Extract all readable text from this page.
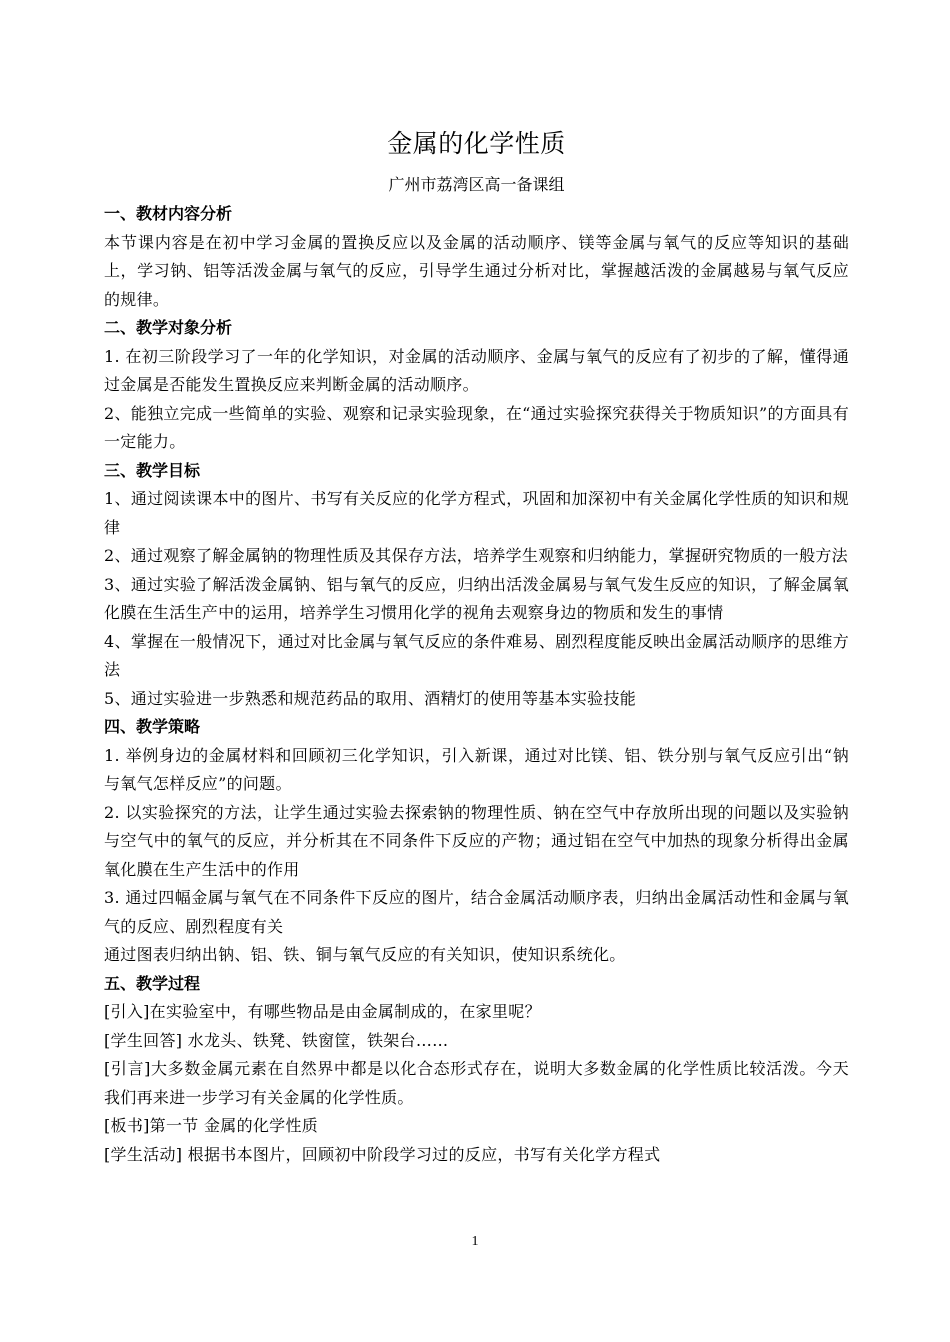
金属的化学性质

广州市荔湾区高一备课组

一、教材内容分析

本节课内容是在初中学习金属的置换反应以及金属的活动顺序、镁等金属与氧气的反应等知识的基础上，学习钠、铝等活泼金属与氧气的反应，引导学生通过分析对比，掌握越活泼的金属越易与氧气反应的规律。

二、教学对象分析

1. 在初三阶段学习了一年的化学知识，对金属的活动顺序、金属与氧气的反应有了初步的了解，懂得通过金属是否能发生置换反应来判断金属的活动顺序。

2、能独立完成一些简单的实验、观察和记录实验现象，在“通过实验探究获得关于物质知识”的方面具有一定能力。

三、教学目标

1、通过阅读课本中的图片、书写有关反应的化学方程式，巩固和加深初中有关金属化学性质的知识和规律

2、通过观察了解金属钠的物理性质及其保存方法，培养学生观察和归纳能力，掌握研究物质的一般方法

3、通过实验了解活泼金属钠、铝与氧气的反应，归纳出活泼金属易与氧气发生反应的知识，了解金属氧化膜在生活生产中的运用，培养学生习惯用化学的视角去观察身边的物质和发生的事情

4、掌握在一般情况下，通过对比金属与氧气反应的条件难易、剧烈程度能反映出金属活动顺序的思维方法

5、通过实验进一步熟悉和规范药品的取用、酒精灯的使用等基本实验技能

四、教学策略

1. 举例身边的金属材料和回顾初三化学知识，引入新课，通过对比镁、铝、铁分别与氧气反应引出“钠与氧气怎样反应”的问题。

2. 以实验探究的方法，让学生通过实验去探索钠的物理性质、钠在空气中存放所出现的问题以及实验钠与空气中的氧气的反应，并分析其在不同条件下反应的产物；通过铝在空气中加热的现象分析得出金属氧化膜在生产生活中的作用

3. 通过四幅金属与氧气在不同条件下反应的图片，结合金属活动顺序表，归纳出金属活动性和金属与氧气的反应、剧烈程度有关

通过图表归纳出钠、铝、铁、铜与氧气反应的有关知识，使知识系统化。

五、教学过程

[引入]在实验室中，有哪些物品是由金属制成的，在家里呢？

[学生回答] 水龙头、铁凳、铁窗筐，铁架台……

[引言]大多数金属元素在自然界中都是以化合态形式存在，说明大多数金属的化学性质比较活泼。今天我们再来进一步学习有关金属的化学性质。

[板书]第一节 金属的化学性质

[学生活动] 根据书本图片，回顾初中阶段学习过的反应，书写有关化学方程式

1
